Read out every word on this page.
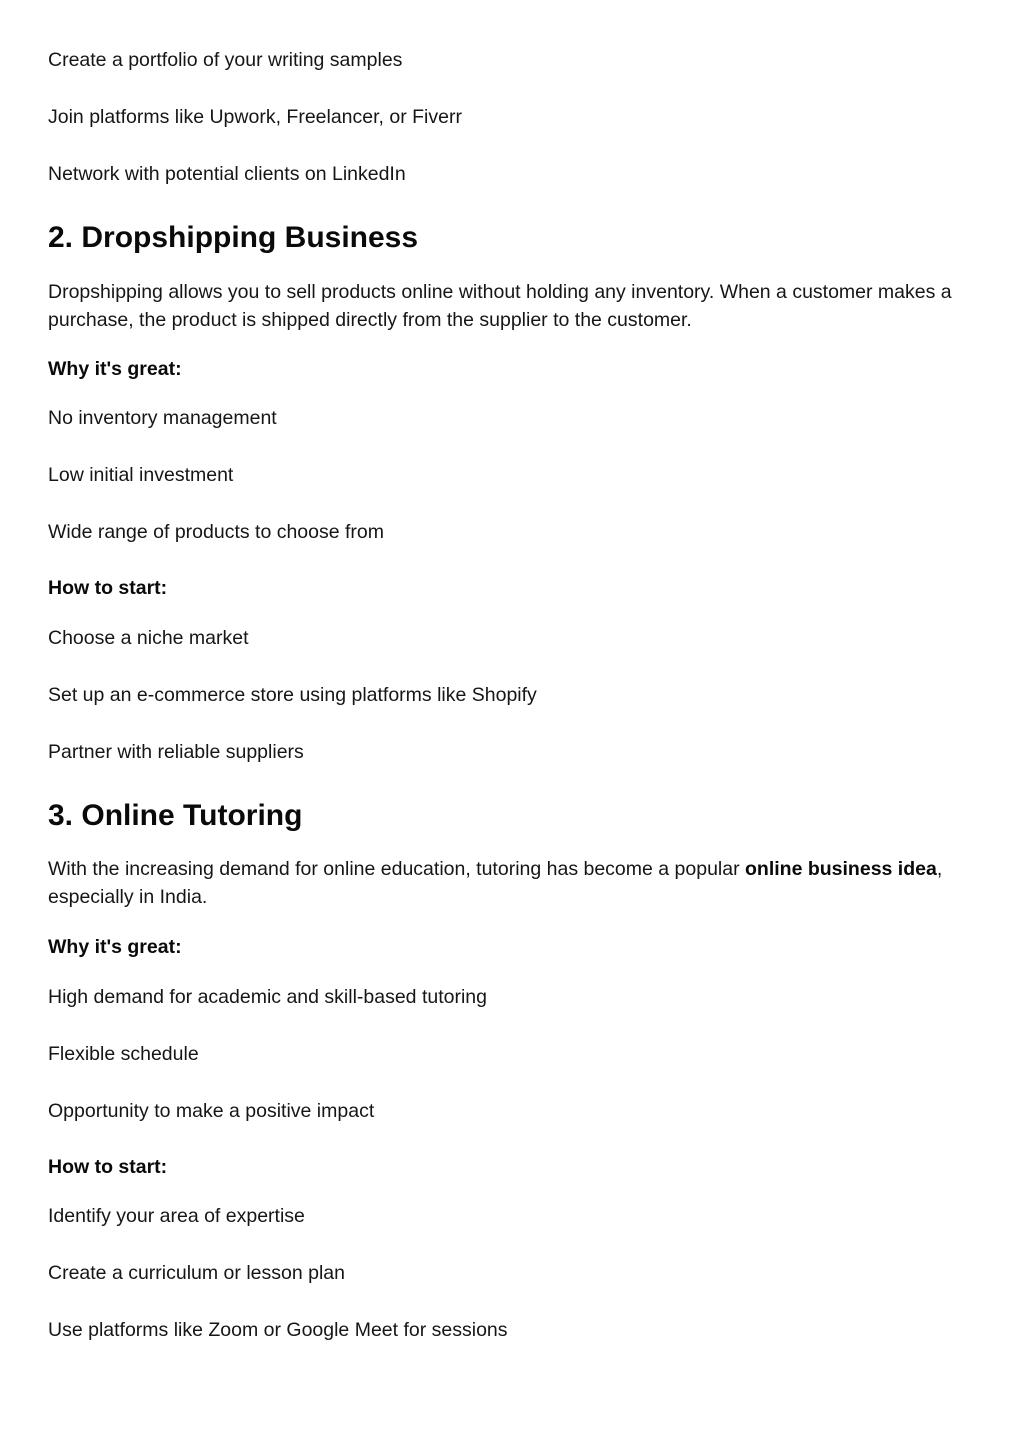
Create a portfolio of your writing samples

Join platforms like Upwork, Freelancer, or Fiverr

Network with potential clients on LinkedIn

2. Dropshipping Business

Dropshipping allows you to sell products online without holding any inventory. When a customer makes a purchase, the product is shipped directly from the supplier to the customer.

Why it's great:

No inventory management

Low initial investment

Wide range of products to choose from

How to start:

Choose a niche market

Set up an e-commerce store using platforms like Shopify

Partner with reliable suppliers

3. Online Tutoring

With the increasing demand for online education, tutoring has become a popular online business idea, especially in India.

Why it's great:

High demand for academic and skill-based tutoring

Flexible schedule

Opportunity to make a positive impact

How to start:

Identify your area of expertise

Create a curriculum or lesson plan

Use platforms like Zoom or Google Meet for sessions
